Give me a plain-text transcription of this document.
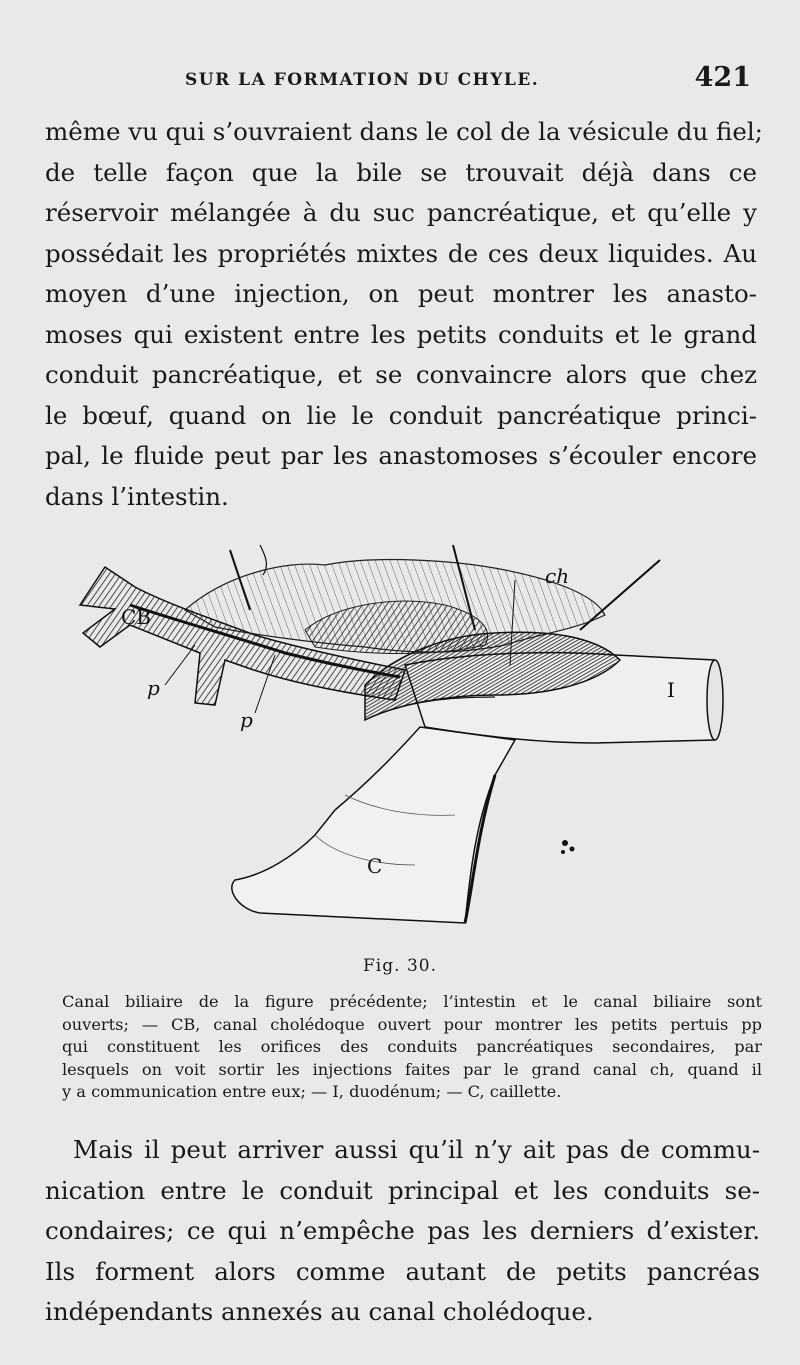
SUR LA FORMATION DU CHYLE.	421
même vu qui s’ouvraient dans le col de la vésicule du fiel;
de telle façon que la bile se trouvait déjà dans ce
réservoir mélangée à du suc pancréatique, et qu’elle y
possédait les propriétés mixtes de ces deux liquides. Au
moyen d’une injection, on peut montrer les anasto-
moses qui existent entre les petits conduits et le grand
conduit pancréatique, et se convaincre alors que chez
le bœuf, quand on lie le conduit pancréatique princi-
pal, le fluide peut par les anastomoses s’écouler encore
dans l’intestin.
CB
ch
p
p
I
C
Fig. 30.
Canal biliaire de la figure précédente; l’intestin et le canal biliaire sont
ouverts; — CB, canal cholédoque ouvert pour montrer les petits pertuis pp
qui constituent les orifices des conduits pancréatiques secondaires, par
lesquels on voit sortir les injections faites par le grand canal ch, quand il
y a communication entre eux; — I, duodénum; — C, caillette.
Mais il peut arriver aussi qu’il n’y ait pas de commu-
nication entre le conduit principal et les conduits se-
condaires; ce qui n’empêche pas les derniers d’exister.
Ils forment alors comme autant de petits pancréas
indépendants annexés au canal cholédoque.
